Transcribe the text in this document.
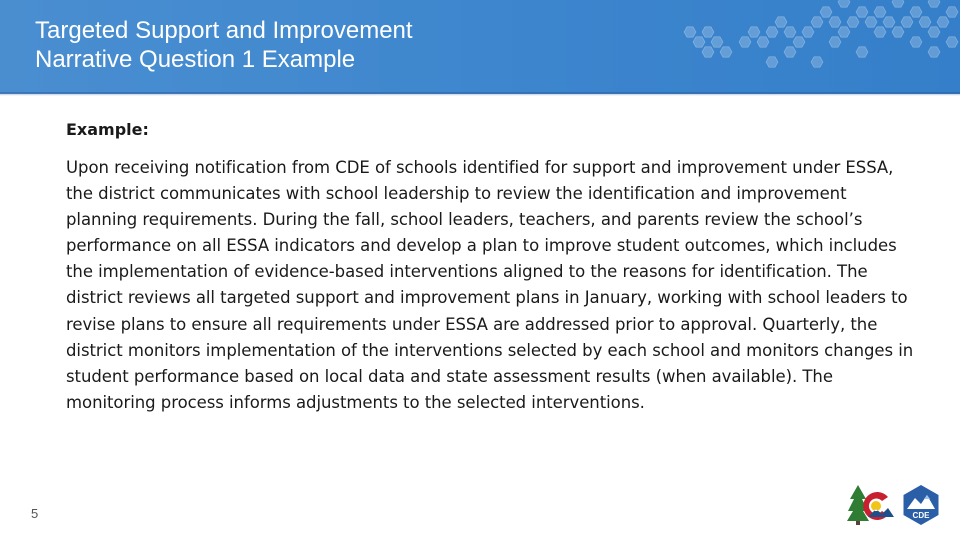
Targeted Support and Improvement
Narrative Question 1 Example

Example:

Upon receiving notification from CDE of schools identified for support and improvement under ESSA, the district communicates with school leadership to review the identification and improvement planning requirements. During the fall, school leaders, teachers, and parents review the school’s performance on all ESSA indicators and develop a plan to improve student outcomes, which includes the implementation of evidence-based interventions aligned to the reasons for identification. The district reviews all targeted support and improvement plans in January, working with school leaders to revise plans to ensure all requirements under ESSA are addressed prior to approval. Quarterly, the district monitors implementation of the interventions selected by each school and monitors changes in student performance based on local data and state assessment results (when available). The monitoring process informs adjustments to the selected interventions.

5	CDE
